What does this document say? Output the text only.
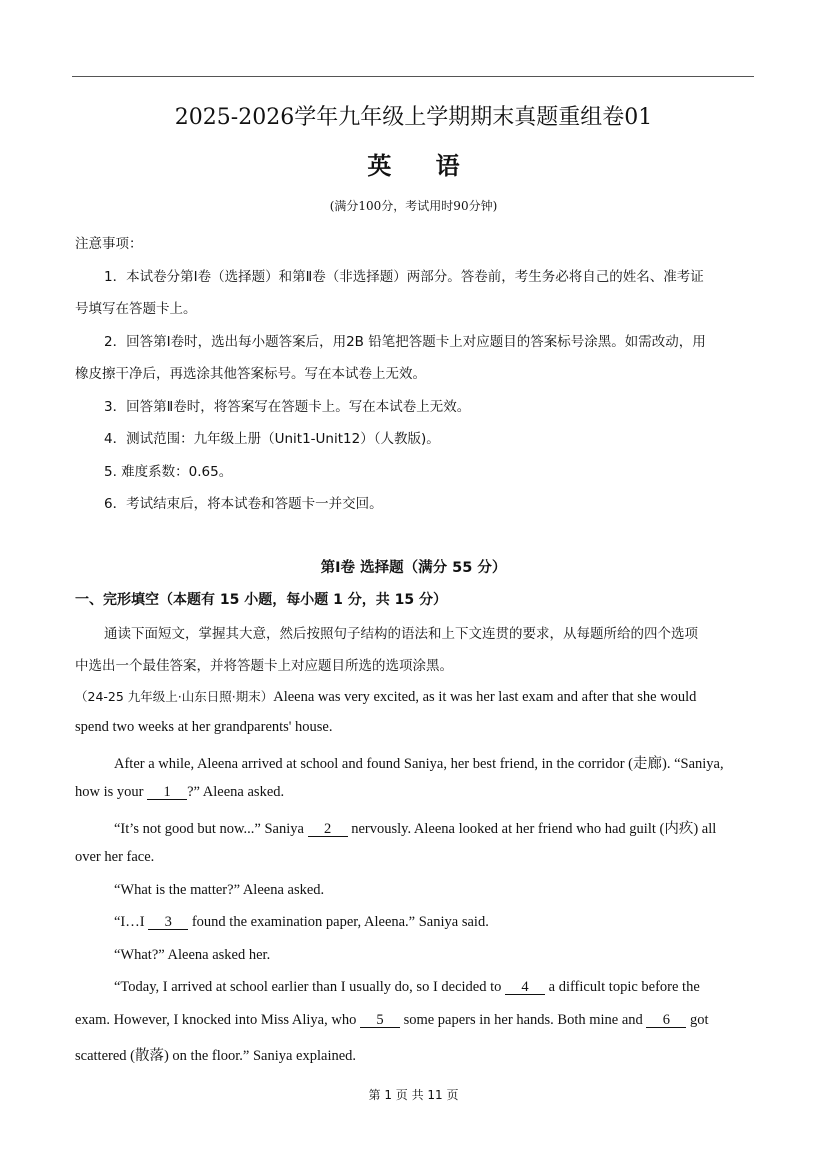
2025-2026学年九年级上学期期末真题重组卷01
英 语
(满分100分，考试用时90分钟)
注意事项：
1．本试卷分第Ⅰ卷（选择题）和第Ⅱ卷（非选择题）两部分。答卷前，考生务必将自己的姓名、准考证
号填写在答题卡上。
2．回答第Ⅰ卷时，选出每小题答案后，用2B 铅笔把答题卡上对应题目的答案标号涂黑。如需改动，用
橡皮擦干净后，再选涂其他答案标号。写在本试卷上无效。
3．回答第Ⅱ卷时，将答案写在答题卡上。写在本试卷上无效。
4．测试范围：九年级上册（Unit1-Unit12）（人教版)。
5. 难度系数：0.65。
6．考试结束后，将本试卷和答题卡一并交回。
第Ⅰ卷 选择题（满分 55 分）
一、完形填空（本题有 15 小题，每小题 1 分，共 15 分）
通读下面短文，掌握其大意，然后按照句子结构的语法和上下文连贯的要求，从每题所给的四个选项
中选出一个最佳答案，并将答题卡上对应题目所选的选项涂黑。
（24-25 九年级上·山东日照·期末）Aleena was very excited, as it was her last exam and after that she would
spend two weeks at her grandparents' house.
After a while, Aleena arrived at school and found Saniya, her best friend, in the corridor (走廊). “Saniya,
how is your 1 ?” Aleena asked.
“It’s not good but now...” Saniya 2 nervously. Aleena looked at her friend who had guilt (内疚) all
over her face.
“What is the matter?” Aleena asked.
“I…I 3 found the examination paper, Aleena.” Saniya said.
“What?” Aleena asked her.
“Today, I arrived at school earlier than I usually do, so I decided to 4 a difficult topic before the
exam. However, I knocked into Miss Aliya, who 5 some papers in her hands. Both mine and 6 got
scattered (散落) on the floor.” Saniya explained.
第 1 页 共 11 页
